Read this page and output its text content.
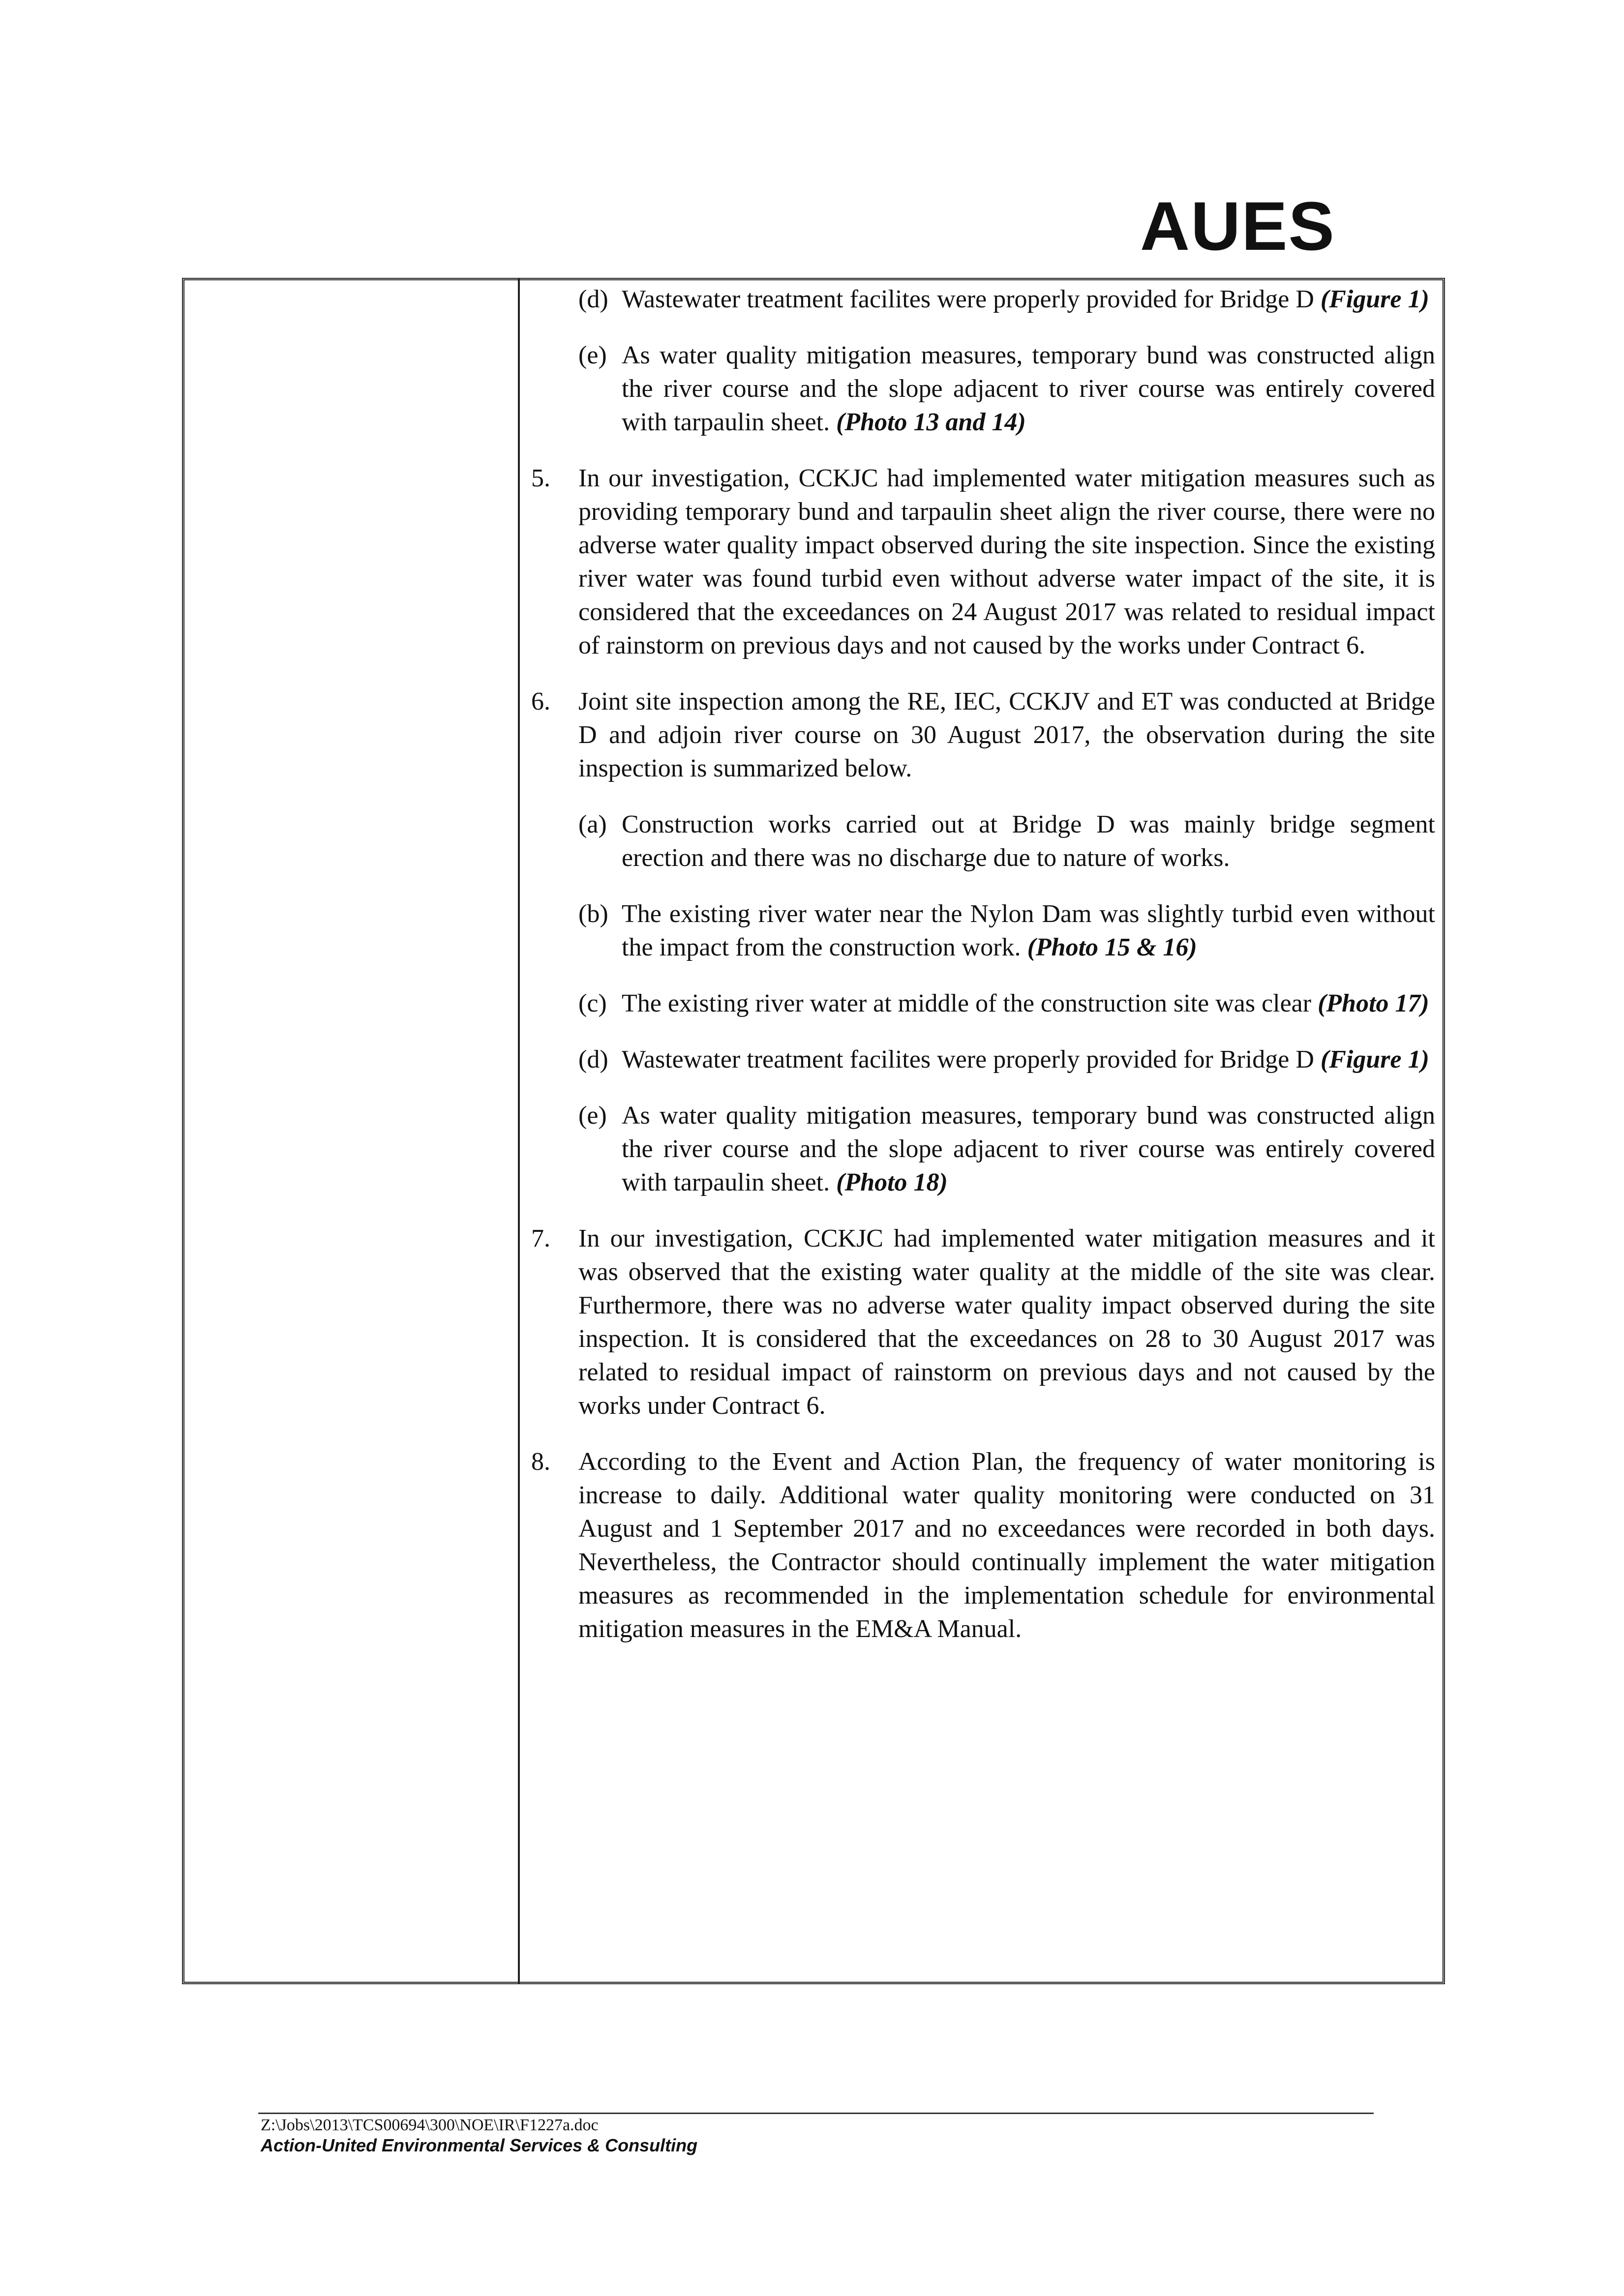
AUES
(d) Wastewater treatment facilites were properly provided for Bridge D (Figure 1)
(e) As water quality mitigation measures, temporary bund was constructed align the river course and the slope adjacent to river course was entirely covered with tarpaulin sheet. (Photo 13 and 14)
5.	In our investigation, CCKJC had implemented water mitigation measures such as providing temporary bund and tarpaulin sheet align the river course, there were no adverse water quality impact observed during the site inspection. Since the existing river water was found turbid even without adverse water impact of the site, it is considered that the exceedances on 24 August 2017 was related to residual impact of rainstorm on previous days and not caused by the works under Contract 6.
6.	Joint site inspection among the RE, IEC, CCKJV and ET was conducted at Bridge D and adjoin river course on 30 August 2017, the observation during the site inspection is summarized below.
(a) Construction works carried out at Bridge D was mainly bridge segment erection and there was no discharge due to nature of works.
(b) The existing river water near the Nylon Dam was slightly turbid even without the impact from the construction work. (Photo 15 & 16)
(c) The existing river water at middle of the construction site was clear (Photo 17)
(d) Wastewater treatment facilites were properly provided for Bridge D (Figure 1)
(e) As water quality mitigation measures, temporary bund was constructed align the river course and the slope adjacent to river course was entirely covered with tarpaulin sheet. (Photo 18)
7.	In our investigation, CCKJC had implemented water mitigation measures and it was observed that the existing water quality at the middle of the site was clear. Furthermore, there was no adverse water quality impact observed during the site inspection. It is considered that the exceedances on 28 to 30 August 2017 was related to residual impact of rainstorm on previous days and not caused by the works under Contract 6.
8.	According to the Event and Action Plan, the frequency of water monitoring is increase to daily. Additional water quality monitoring were conducted on 31 August and 1 September 2017 and no exceedances were recorded in both days. Nevertheless, the Contractor should continually implement the water mitigation measures as recommended in the implementation schedule for environmental mitigation measures in the EM&A Manual.
Z:\Jobs\2013\TCS00694\300\NOE\IR\F1227a.doc
Action-United Environmental Services & Consulting
